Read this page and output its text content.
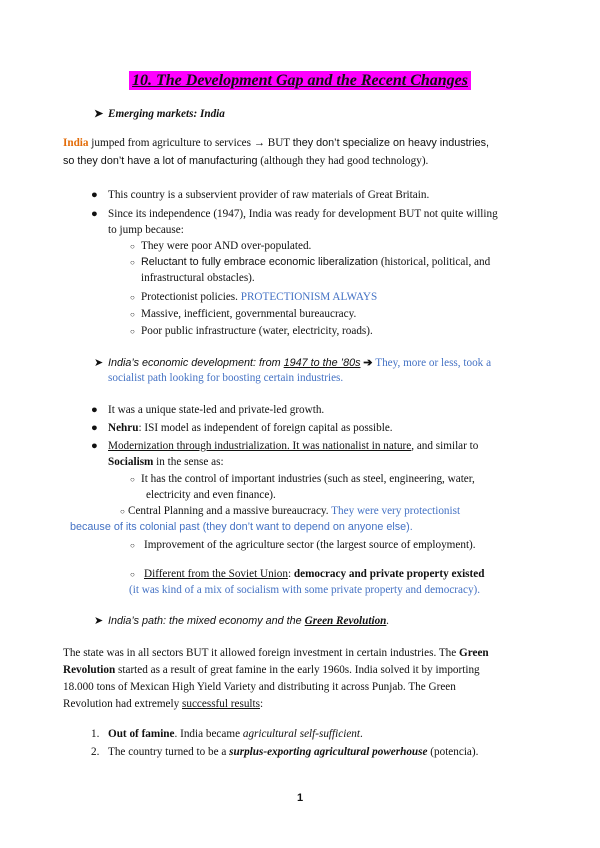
10. The Development Gap and the Recent Changes
➤ Emerging markets: India
India jumped from agriculture to services → BUT they don’t specialize on heavy industries,
so they don’t have a lot of manufacturing (although they had good technology).
● This country is a subservient provider of raw materials of Great Britain.
● Since its independence (1947), India was ready for development BUT not quite willing
to jump because:
○ They were poor AND over-populated.
○ Reluctant to fully embrace economic liberalization (historical, political, and
infrastructural obstacles).
○ Protectionist policies. PROTECTIONISM ALWAYS
○ Massive, inefficient, governmental bureaucracy.
○ Poor public infrastructure (water, electricity, roads).
➤ India’s economic development: from 1947 to the ’80s ➔ They, more or less, took a
socialist path looking for boosting certain industries.
● It was a unique state-led and private-led growth.
● Nehru: ISI model as independent of foreign capital as possible.
● Modernization through industrialization. It was nationalist in nature, and similar to
Socialism in the sense as:
○ It has the control of important industries (such as steel, engineering, water,
electricity and even finance).
○ Central Planning and a massive bureaucracy. They were very protectionist
because of its colonial past (they don’t want to depend on anyone else).
○ Improvement of the agriculture sector (the largest source of employment).
○ Different from the Soviet Union: democracy and private property existed
(it was kind of a mix of socialism with some private property and democracy).
➤ India’s path: the mixed economy and the Green Revolution.
The state was in all sectors BUT it allowed foreign investment in certain industries. The Green
Revolution started as a result of great famine in the early 1960s. India solved it by importing
18.000 tons of Mexican High Yield Variety and distributing it across Punjab. The Green
Revolution had extremely successful results:
1. Out of famine. India became agricultural self-sufficient.
2. The country turned to be a surplus-exporting agricultural powerhouse (potencia).
1
